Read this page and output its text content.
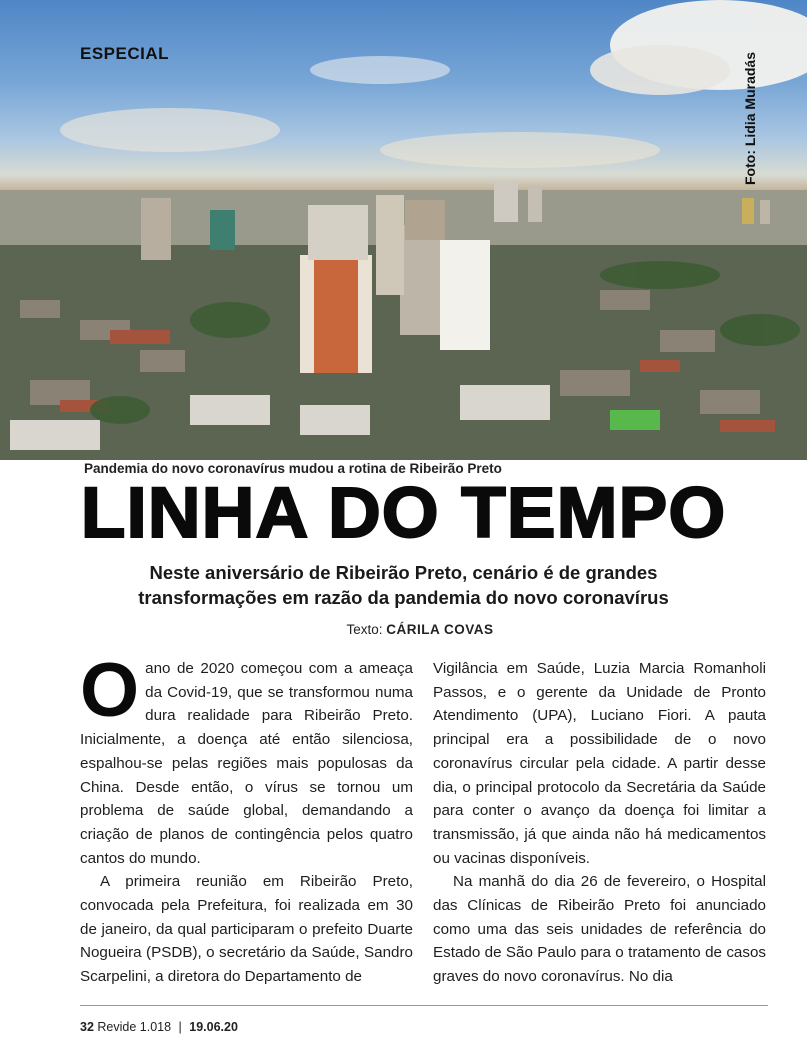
ESPECIAL	Foto: Lidia Muradás
Pandemia do novo coronavírus mudou a rotina de Ribeirão Preto
LINHA DO TEMPO
Neste aniversário de Ribeirão Preto, cenário é de grandes
transformações em razão da pandemia do novo coronavírus
Texto: CÁRILA COVAS

O ano de 2020 começou com a ameaça da Covid-19, que se transformou numa dura realidade para Ribeirão Preto. Inicialmente, a doença até então silenciosa, espalhou-se pelas regiões mais populosas da China. Desde então, o vírus se tornou um problema de saúde global, demandando a criação de planos de contingência pelos quatro cantos do mundo.

A primeira reunião em Ribeirão Preto, convocada pela Prefeitura, foi realizada em 30 de janeiro, da qual participaram o prefeito Duarte Nogueira (PSDB), o secretário da Saúde, Sandro Scarpelini, a diretora do Departamento de

Vigilância em Saúde, Luzia Marcia Romanholi Passos, e o gerente da Unidade de Pronto Atendimento (UPA), Luciano Fiori. A pauta principal era a possibilidade de o novo coronavírus circular pela cidade. A partir desse dia, o principal protocolo da Secretária da Saúde para conter o avanço da doença foi limitar a transmissão, já que ainda não há medicamentos ou vacinas disponíveis.

Na manhã do dia 26 de fevereiro, o Hospital das Clínicas de Ribeirão Preto foi anunciado como uma das seis unidades de referência do Estado de São Paulo para o tratamento de casos graves do novo coronavírus. No dia

32 Revide 1.018 | 19.06.20
